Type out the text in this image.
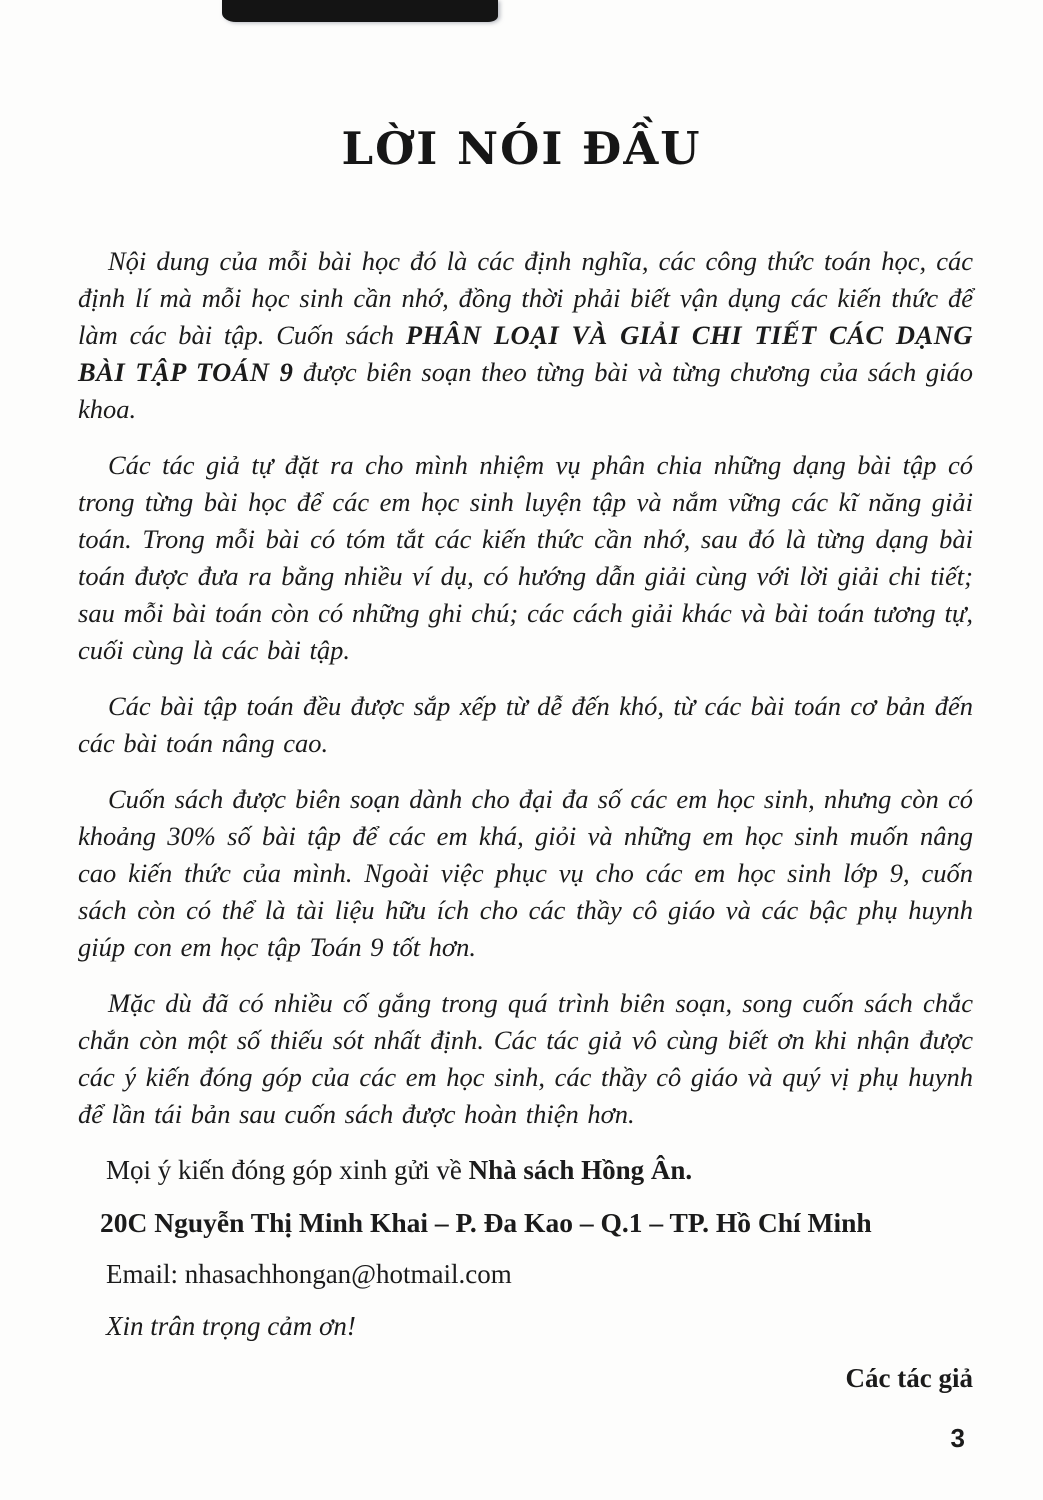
LỜI NÓI ĐẦU

Nội dung của mỗi bài học đó là các định nghĩa, các công thức toán học, các định lí mà mỗi học sinh cần nhớ, đồng thời phải biết vận dụng các kiến thức để làm các bài tập. Cuốn sách PHÂN LOẠI VÀ GIẢI CHI TIẾT CÁC DẠNG BÀI TẬP TOÁN 9 được biên soạn theo từng bài và từng chương của sách giáo khoa.

Các tác giả tự đặt ra cho mình nhiệm vụ phân chia những dạng bài tập có trong từng bài học để các em học sinh luyện tập và nắm vững các kĩ năng giải toán. Trong mỗi bài có tóm tắt các kiến thức cần nhớ, sau đó là từng dạng bài toán được đưa ra bằng nhiều ví dụ, có hướng dẫn giải cùng với lời giải chi tiết; sau mỗi bài toán còn có những ghi chú; các cách giải khác và bài toán tương tự, cuối cùng là các bài tập.

Các bài tập toán đều được sắp xếp từ dễ đến khó, từ các bài toán cơ bản đến các bài toán nâng cao.

Cuốn sách được biên soạn dành cho đại đa số các em học sinh, nhưng còn có khoảng 30% số bài tập để các em khá, giỏi và những em học sinh muốn nâng cao kiến thức của mình. Ngoài việc phục vụ cho các em học sinh lớp 9, cuốn sách còn có thể là tài liệu hữu ích cho các thầy cô giáo và các bậc phụ huynh giúp con em học tập Toán 9 tốt hơn.

Mặc dù đã có nhiều cố gắng trong quá trình biên soạn, song cuốn sách chắc chắn còn một số thiếu sót nhất định. Các tác giả vô cùng biết ơn khi nhận được các ý kiến đóng góp của các em học sinh, các thầy cô giáo và quý vị phụ huynh để lần tái bản sau cuốn sách được hoàn thiện hơn.

Mọi ý kiến đóng góp xinh gửi về Nhà sách Hồng Ân.

20C Nguyễn Thị Minh Khai – P. Đa Kao – Q.1 – TP. Hồ Chí Minh

Email: nhasachhongan@hotmail.com

Xin trân trọng cảm ơn!

Các tác giả

3
